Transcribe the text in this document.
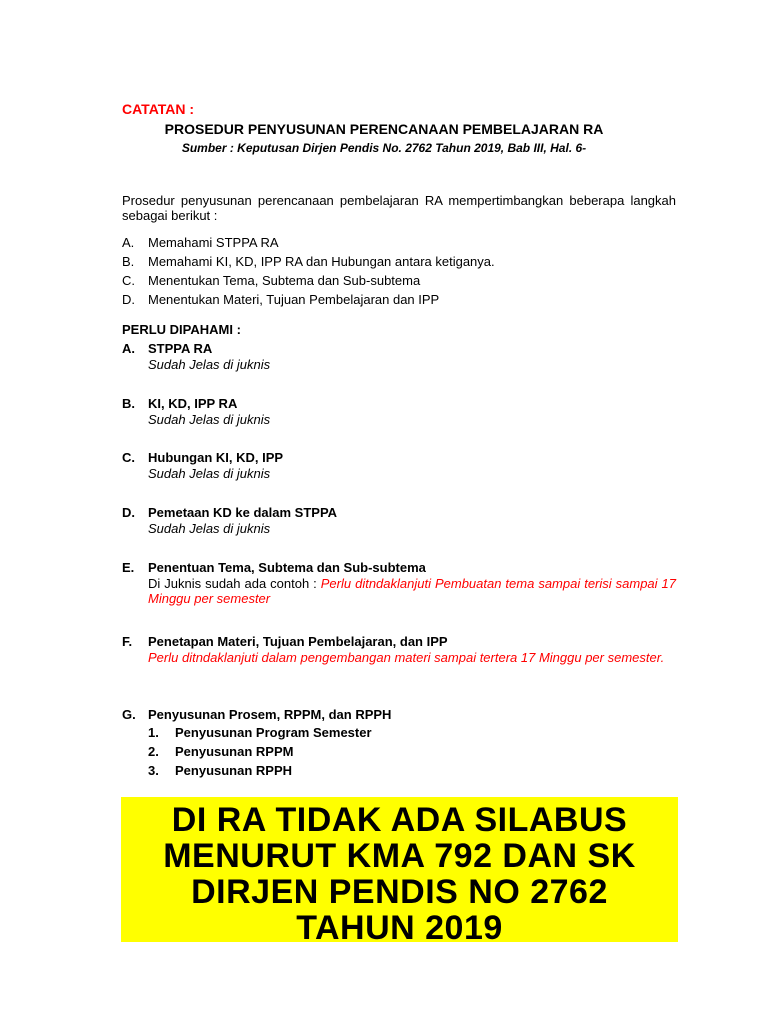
CATATAN :
PROSEDUR PENYUSUNAN PERENCANAAN PEMBELAJARAN RA
Sumber : Keputusan Dirjen Pendis No. 2762 Tahun 2019, Bab III, Hal. 6-
Prosedur penyusunan perencanaan pembelajaran RA mempertimbangkan beberapa langkah sebagai berikut :
A.	Memahami STPPA RA
B.	Memahami KI, KD, IPP RA dan Hubungan antara ketiganya.
C.	Menentukan Tema, Subtema dan Sub-subtema
D.	Menentukan Materi, Tujuan Pembelajaran dan IPP
PERLU DIPAHAMI :
A.	STPPA RA
Sudah Jelas di juknis
B.	KI, KD, IPP RA
Sudah Jelas di juknis
C.	Hubungan KI, KD, IPP
Sudah Jelas di juknis
D.	Pemetaan KD ke dalam STPPA
Sudah Jelas di juknis
E.	Penentuan Tema, Subtema dan Sub-subtema
Di Juknis sudah ada contoh : Perlu ditndaklanjuti Pembuatan tema sampai terisi sampai 17 Minggu per semester
F.	Penetapan Materi, Tujuan Pembelajaran, dan IPP
Perlu ditndaklanjuti dalam pengembangan materi sampai tertera 17 Minggu per semester.
G. Penyusunan Prosem, RPPM, dan RPPH
1.	Penyusunan Program Semester
2.	Penyusunan RPPM
3.	Penyusunan RPPH
DI RA TIDAK ADA SILABUS
MENURUT KMA 792 DAN SK
DIRJEN PENDIS NO 2762
TAHUN 2019
